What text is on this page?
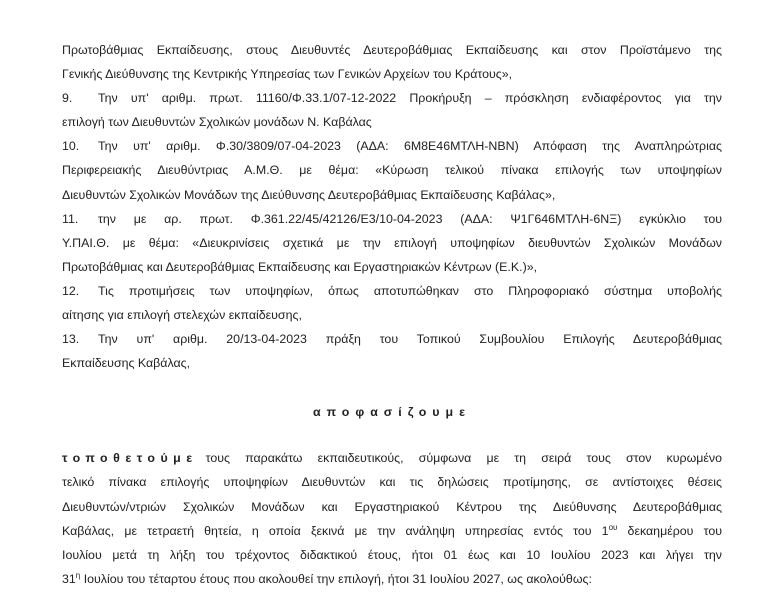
Πρωτοβάθμιας Εκπαίδευσης, στους Διευθυντές Δευτεροβάθμιας Εκπαίδευσης και στον Προϊστάμενο της
Γενικής Διεύθυνσης της Κεντρικής Υπηρεσίας των Γενικών Αρχείων του Κράτους»,
9. Την υπ' αριθμ. πρωτ. 11160/Φ.33.1/07-12-2022 Προκήρυξη – πρόσκληση ενδιαφέροντος για την
επιλογή των Διευθυντών Σχολικών μονάδων Ν. Καβάλας
10. Την υπ' αριθμ. Φ.30/3809/07-04-2023 (ΑΔΑ: 6Μ8Ε46ΜΤΛΗ-ΝΒΝ) Απόφαση της Αναπληρώτριας
Περιφερειακής Διευθύντριας Α.Μ.Θ. με θέμα: «Κύρωση τελικού πίνακα επιλογής των υποψηφίων
Διευθυντών Σχολικών Μονάδων της Διεύθυνσης Δευτεροβάθμιας Εκπαίδευσης Καβάλας»,
11. την με αρ. πρωτ. Φ.361.22/45/42126/Ε3/10-04-2023 (ΑΔΑ: Ψ1Γ646ΜΤΛΗ-6ΝΞ) εγκύκλιο του
Υ.ΠΑΙ.Θ. με θέμα: «Διευκρινίσεις σχετικά με την επιλογή υποψηφίων διευθυντών Σχολικών Μονάδων
Πρωτοβάθμιας και Δευτεροβάθμιας Εκπαίδευσης και Εργαστηριακών Κέντρων (Ε.Κ.)»,
12. Τις προτιμήσεις των υποψηφίων, όπως αποτυπώθηκαν στο Πληροφοριακό σύστημα υποβολής
αίτησης για επιλογή στελεχών εκπαίδευσης,
13. Την υπ' αριθμ. 20/13-04-2023 πράξη του Τοπικού Συμβουλίου Επιλογής Δευτεροβάθμιας
Εκπαίδευσης Καβάλας,
αποφασίζουμε
τοποθετούμε τους παρακάτω εκπαιδευτικούς, σύμφωνα με τη σειρά τους στον κυρωμένο
τελικό πίνακα επιλογής υποψηφίων Διευθυντών και τις δηλώσεις προτίμησης, σε αντίστοιχες θέσεις
Διευθυντών/ντριών Σχολικών Μονάδων και Εργαστηριακού Κέντρου της Διεύθυνσης Δευτεροβάθμιας
Καβάλας, με τετραετή θητεία, η οποία ξεκινά με την ανάληψη υπηρεσίας εντός του $1^{o\upsilon}$ δεκαημέρου του
Ιουλίου μετά τη λήξη του τρέχοντος διδακτικού έτους, ήτοι 01 έως και 10 Ιουλίου 2023 και λήγει την
$31^\eta$ Ιουλίου του τέταρτου έτους που ακολουθεί την επιλογή, ήτοι 31 Ιουλίου 2027, ως ακολούθως:
